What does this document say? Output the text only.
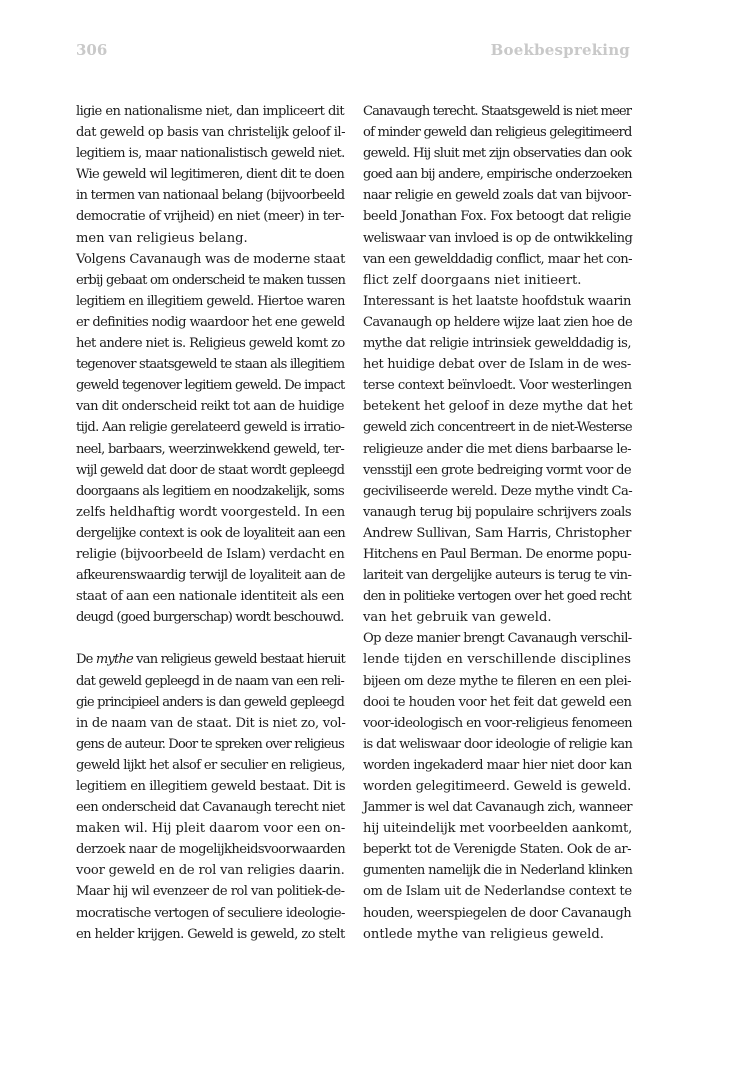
306	Boekbespreking
ligie en nationalisme niet, dan impliceert dit
dat geweld op basis van christelijk geloof il-
legitiem is, maar nationalistisch geweld niet.
Wie geweld wil legitimeren, dient dit te doen
in termen van nationaal belang (bijvoorbeeld
democratie of vrijheid) en niet (meer) in ter-
men van religieus belang.
Volgens Cavanaugh was de moderne staat
erbij gebaat om onderscheid te maken tussen
legitiem en illegitiem geweld. Hiertoe waren
er definities nodig waardoor het ene geweld
het andere niet is. Religieus geweld komt zo
tegenover staatsgeweld te staan als illegitiem
geweld tegenover legitiem geweld. De impact
van dit onderscheid reikt tot aan de huidige
tijd. Aan religie gerelateerd geweld is irratio-
neel, barbaars, weerzinwekkend geweld, ter-
wijl geweld dat door de staat wordt gepleegd
doorgaans als legitiem en noodzakelijk, soms
zelfs heldhaftig wordt voorgesteld. In een
dergelijke context is ook de loyaliteit aan een
religie (bijvoorbeeld de Islam) verdacht en
afkeurenswaardig terwijl de loyaliteit aan de
staat of aan een nationale identiteit als een
deugd (goed burgerschap) wordt beschouwd.
De mythe van religieus geweld bestaat hieruit
dat geweld gepleegd in de naam van een reli-
gie principieel anders is dan geweld gepleegd
in de naam van de staat. Dit is niet zo, vol-
gens de auteur. Door te spreken over religieus
geweld lijkt het alsof er seculier en religieus,
legitiem en illegitiem geweld bestaat. Dit is
een onderscheid dat Cavanaugh terecht niet
maken wil. Hij pleit daarom voor een on-
derzoek naar de mogelijkheidsvoorwaarden
voor geweld en de rol van religies daarin.
Maar hij wil evenzeer de rol van politiek-de-
mocratische vertogen of seculiere ideologie-
en helder krijgen. Geweld is geweld, zo stelt
Canavaugh terecht. Staatsgeweld is niet meer
of minder geweld dan religieus gelegitimeerd
geweld. Hij sluit met zijn observaties dan ook
goed aan bij andere, empirische onderzoeken
naar religie en geweld zoals dat van bijvoor-
beeld Jonathan Fox. Fox betoogt dat religie
weliswaar van invloed is op de ontwikkeling
van een gewelddadig conflict, maar het con-
flict zelf doorgaans niet initieert.
Interessant is het laatste hoofdstuk waarin
Cavanaugh op heldere wijze laat zien hoe de
mythe dat religie intrinsiek gewelddadig is,
het huidige debat over de Islam in de wes-
terse context beïnvloedt. Voor westerlingen
betekent het geloof in deze mythe dat het
geweld zich concentreert in de niet-Westerse
religieuze ander die met diens barbaarse le-
vensstijl een grote bedreiging vormt voor de
geciviliseerde wereld. Deze mythe vindt Ca-
vanaugh terug bij populaire schrijvers zoals
Andrew Sullivan, Sam Harris, Christopher
Hitchens en Paul Berman. De enorme popu-
lariteit van dergelijke auteurs is terug te vin-
den in politieke vertogen over het goed recht
van het gebruik van geweld.
Op deze manier brengt Cavanaugh verschil-
lende tijden en verschillende disciplines
bijeen om deze mythe te fileren en een plei-
dooi te houden voor het feit dat geweld een
voor-ideologisch en voor-religieus fenomeen
is dat weliswaar door ideologie of religie kan
worden ingekaderd maar hier niet door kan
worden gelegitimeerd. Geweld is geweld.
Jammer is wel dat Cavanaugh zich, wanneer
hij uiteindelijk met voorbeelden aankomt,
beperkt tot de Verenigde Staten. Ook de ar-
gumenten namelijk die in Nederland klinken
om de Islam uit de Nederlandse context te
houden, weerspiegelen de door Cavanaugh
ontlede mythe van religieus geweld.
